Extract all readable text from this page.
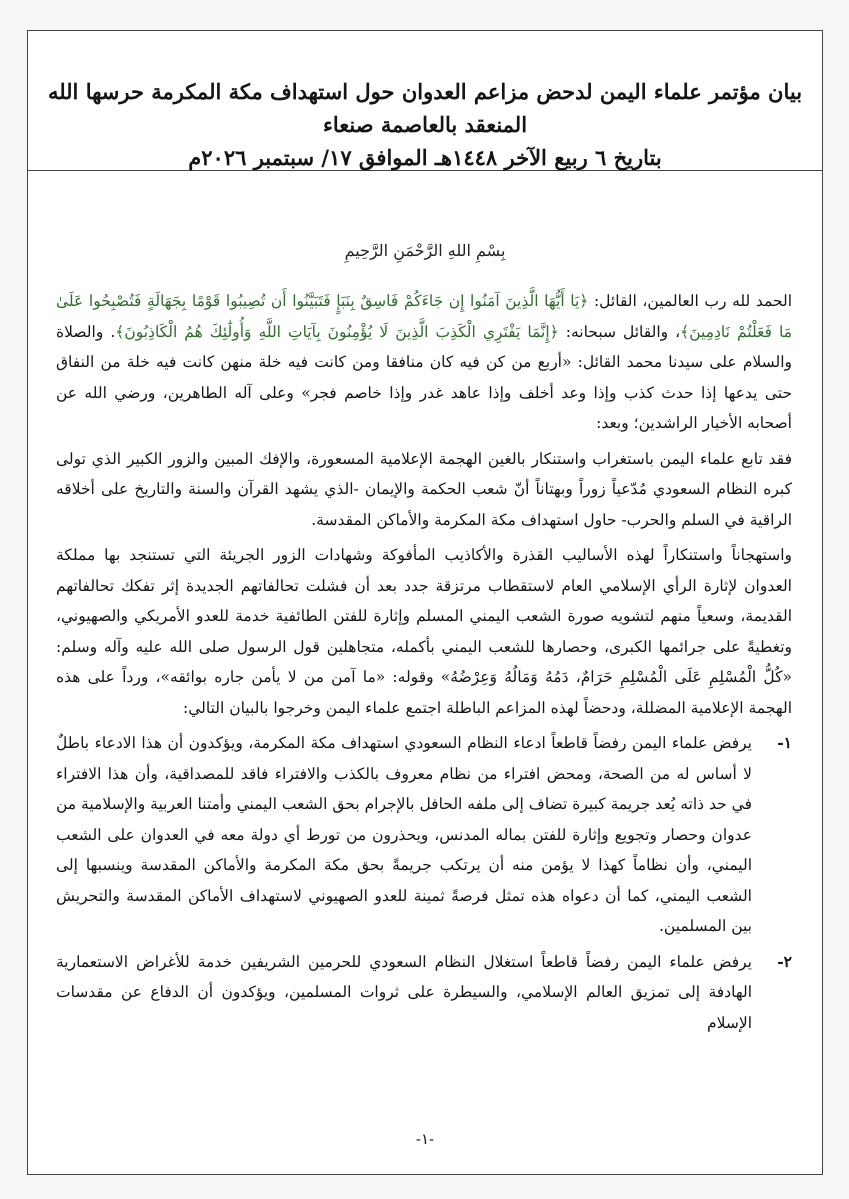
بيان مؤتمر علماء اليمن لدحض مزاعم العدوان حول استهداف مكة المكرمة حرسها الله
المنعقد بالعاصمة صنعاء
بتاريخ ٦ ربيع الآخر ١٤٤٨هـ الموافق ١٧/ سبتمبر ٢٠٢٦م
بِسْمِ اللهِ الرَّحْمَنِ الرَّحِيمِ

الحمد لله رب العالمين، القائل: ﴿يَا أَيُّهَا الَّذِينَ آمَنُوا إِن جَاءَكُمْ فَاسِقٌ بِنَبَإٍ فَتَبَيَّنُوا أَن تُصِيبُوا قَوْمًا بِجَهَالَةٍ فَتُصْبِحُوا عَلَىٰ مَا فَعَلْتُمْ نَادِمِينَ﴾، والقائل سبحانه: ﴿إِنَّمَا يَفْتَرِي الْكَذِبَ الَّذِينَ لَا يُؤْمِنُونَ بِآيَاتِ اللَّهِ وَأُولَٰئِكَ هُمُ الْكَاذِبُونَ﴾. والصلاة والسلام على سيدنا محمد القائل: «أربع من كن فيه كان منافقا ومن كانت فيه خلة منهن كانت فيه خلة من النفاق حتى يدعها إذا حدث كذب وإذا وعد أخلف وإذا عاهد غدر وإذا خاصم فجر» وعلى آله الطاهرين، ورضي الله عن أصحابه الأخيار الراشدين؛ وبعد:

فقد تابع علماء اليمن باستغراب واستنكار بالغين الهجمة الإعلامية المسعورة، والإفك المبين والزور الكبير الذي تولى كبره النظام السعودي مُدّعياً زوراً وبهتاناً أنّ شعب الحكمة والإيمان -الذي يشهد القرآن والسنة والتاريخ على أخلاقه الراقية في السلم والحرب- حاول استهداف مكة المكرمة والأماكن المقدسة.

واستهجاناً واستنكاراً لهذه الأساليب القذرة والأكاذيب المأفوكة وشهادات الزور الجريئة التي تستنجد بها مملكة العدوان لإثارة الرأي الإسلامي العام لاستقطاب مرتزقة جدد بعد أن فشلت تحالفاتهم الجديدة إثر تفكك تحالفاتهم القديمة، وسعياً منهم لتشويه صورة الشعب اليمني المسلم وإثارة للفتن الطائفية خدمة للعدو الأمريكي والصهيوني، وتغطيةً على جرائمها الكبرى، وحصارها للشعب اليمني بأكمله، متجاهلين قول الرسول صلى الله عليه وآله وسلم: «كُلُّ الْمُسْلِمِ عَلَى الْمُسْلِمِ حَرَامٌ، دَمُهُ وَمَالُهُ وَعِرْضُهُ» وقوله: «ما آمن من لا يأمن جاره بوائقه»، ورداً على هذه الهجمة الإعلامية المضللة، ودحضاً لهذه المزاعم الباطلة اجتمع علماء اليمن وخرجوا بالبيان التالي:

١-
يرفض علماء اليمن رفضاً قاطعاً ادعاء النظام السعودي استهداف مكة المكرمة، ويؤكدون أن هذا الادعاء باطلٌ لا أساس له من الصحة، ومحض افتراء من نظام معروف بالكذب والافتراء فاقد للمصداقية، وأن هذا الافتراء في حد ذاته يُعد جريمة كبيرة تضاف إلى ملفه الحافل بالإجرام بحق الشعب اليمني وأمتنا العربية والإسلامية من عدوان وحصار وتجويع وإثارة للفتن بماله المدنس، ويحذرون من تورط أي دولة معه في العدوان على الشعب اليمني، وأن نظاماً كهذا لا يؤمن منه أن يرتكب جريمةً بحق مكة المكرمة والأماكن المقدسة وينسبها إلى الشعب اليمني، كما أن دعواه هذه تمثل فرصةً ثمينة للعدو الصهيوني لاستهداف الأماكن المقدسة والتحريش بين المسلمين.

٢-
يرفض علماء اليمن رفضاً قاطعاً استغلال النظام السعودي للحرمين الشريفين خدمة للأغراض الاستعمارية الهادفة إلى تمزيق العالم الإسلامي، والسيطرة على ثروات المسلمين، ويؤكدون أن الدفاع عن مقدسات الإسلام

-١-
